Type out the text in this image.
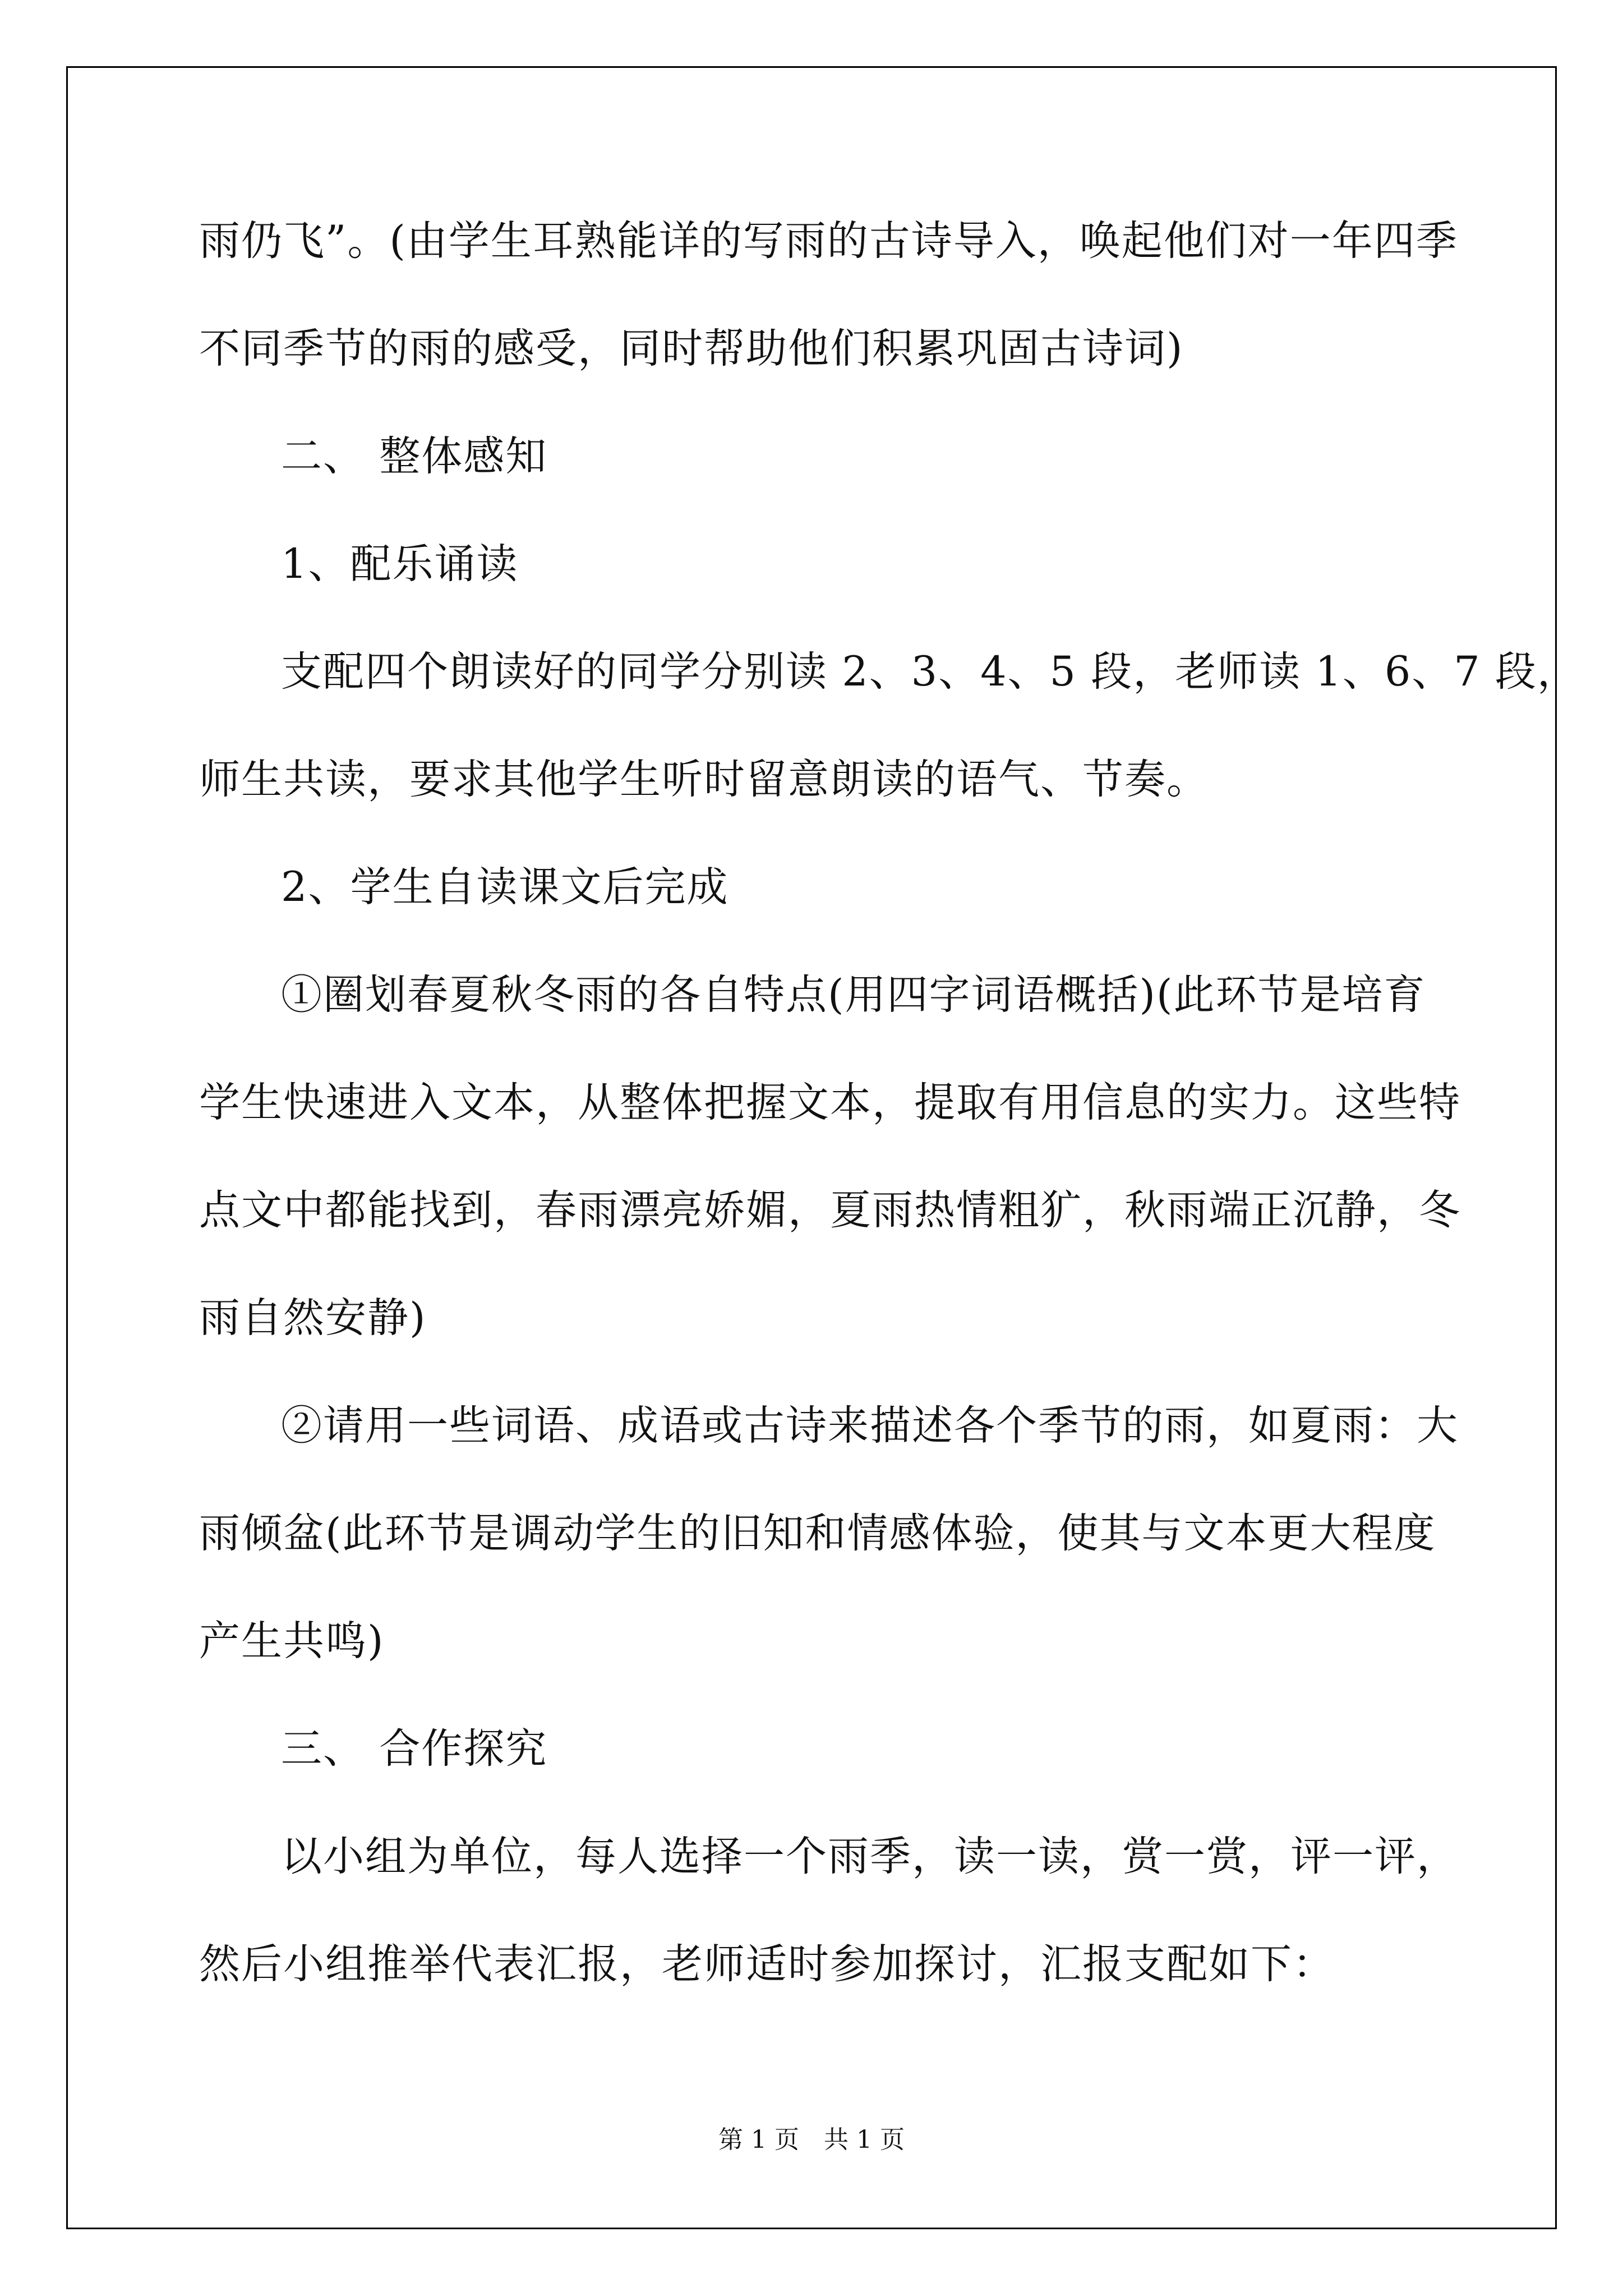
雨仍飞”。(由学生耳熟能详的写雨的古诗导入，唤起他们对一年四季
不同季节的雨的感受，同时帮助他们积累巩固古诗词)
二、 整体感知
1、配乐诵读
支配四个朗读好的同学分别读 2、3、4、5 段，老师读 1、6、7 段，
师生共读，要求其他学生听时留意朗读的语气、节奏。
2、学生自读课文后完成
①圈划春夏秋冬雨的各自特点(用四字词语概括)(此环节是培育
学生快速进入文本，从整体把握文本，提取有用信息的实力。这些特
点文中都能找到，春雨漂亮娇媚，夏雨热情粗犷，秋雨端正沉静，冬
雨自然安静)
②请用一些词语、成语或古诗来描述各个季节的雨，如夏雨：大
雨倾盆(此环节是调动学生的旧知和情感体验，使其与文本更大程度
产生共鸣)
三、 合作探究
以小组为单位，每人选择一个雨季，读一读，赏一赏，评一评，
然后小组推举代表汇报，老师适时参加探讨，汇报支配如下：
第 1 页　共 1 页
